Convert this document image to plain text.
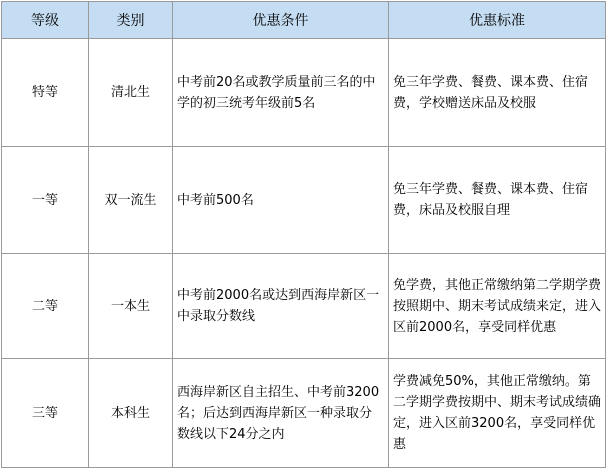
等级	类别	优惠条件	优惠标准
特等	清北生	中考前20名或教学质量前三名的中学的初三统考年级前5名	免三年学费、餐费、课本费、住宿费，学校赠送床品及校服
一等	双一流生	中考前500名	免三年学费、餐费、课本费、住宿费，床品及校服自理
二等	一本生	中考前2000名或达到西海岸新区一中录取分数线	免学费，其他正常缴纳第二学期学费按照期中、期末考试成绩来定，进入区前2000名，享受同样优惠
三等	本科生	西海岸新区自主招生、中考前3200名；后达到西海岸新区一种录取分数线以下24分之内	学费减免50%，其他正常缴纳。第二学期学费按期中、期末考试成绩确定，进入区前3200名，享受同样优惠
